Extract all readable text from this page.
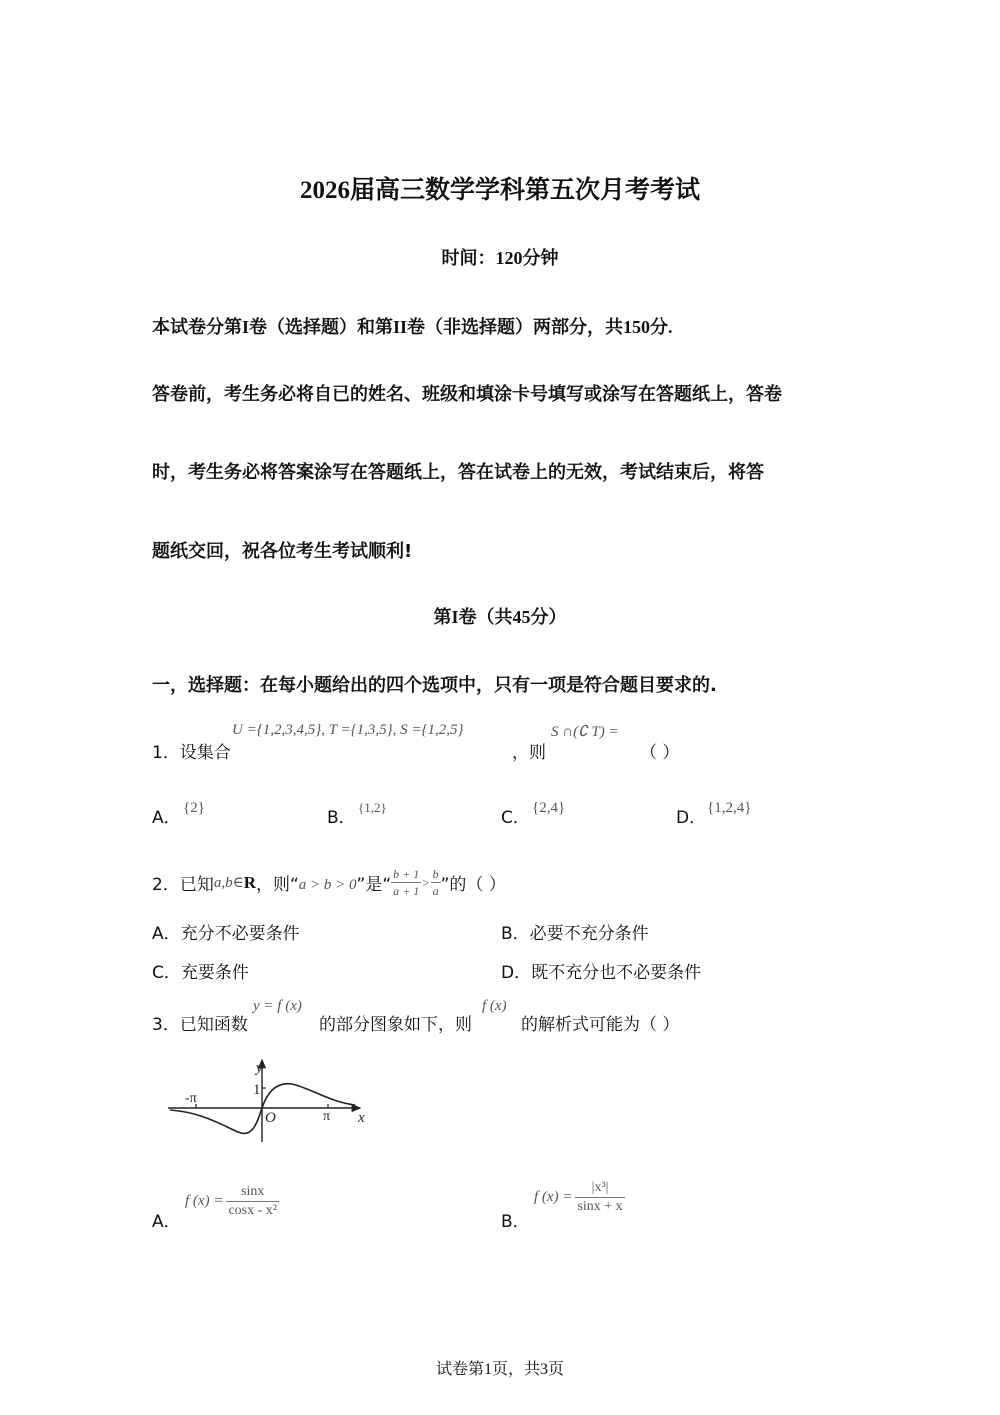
2026届高三数学学科第五次月考考试
时间：120分钟
本试卷分第I卷（选择题）和第II卷（非选择题）两部分，共150分.
答卷前，考生务必将自已的姓名、班级和填涂卡号填写或涂写在答题纸上，答卷
时，考生务必将答案涂写在答题纸上，答在试卷上的无效，考试结束后，将答
题纸交回，祝各位考生考试顺利!
第I卷（共45分）
一，选择题：在每小题给出的四个选项中，只有一项是符合题目要求的.
1．设集合
U ={1,2,3,4,5}, T ={1,3,5}, S ={1,2,5}
，则
S ∩(∁ T) =
（ ）
A． {2}	B．
{1,2}
C． {2,4}	D． {1,2,4}
2．已知 a,b∈ R ，则“ a > b > 0 ”是“ $\frac{b + 1}{a + 1} > \frac{b}{a}$ ”的（ ）
A．充分不必要条件	B．必要不充分条件
C．充要条件	D．既不充分也不必要条件
3．已知函数
y = f (x)
的部分图象如下，则
f (x)
的解析式可能为（ ）
y
1
-π
O	π x
A．
f $(x) = \frac{\sin x}{\text{cosx - x²}}$
B．
f $(x) = \frac{\text{|x³|}}{\sin x + x}$
试卷第1页，共3页
